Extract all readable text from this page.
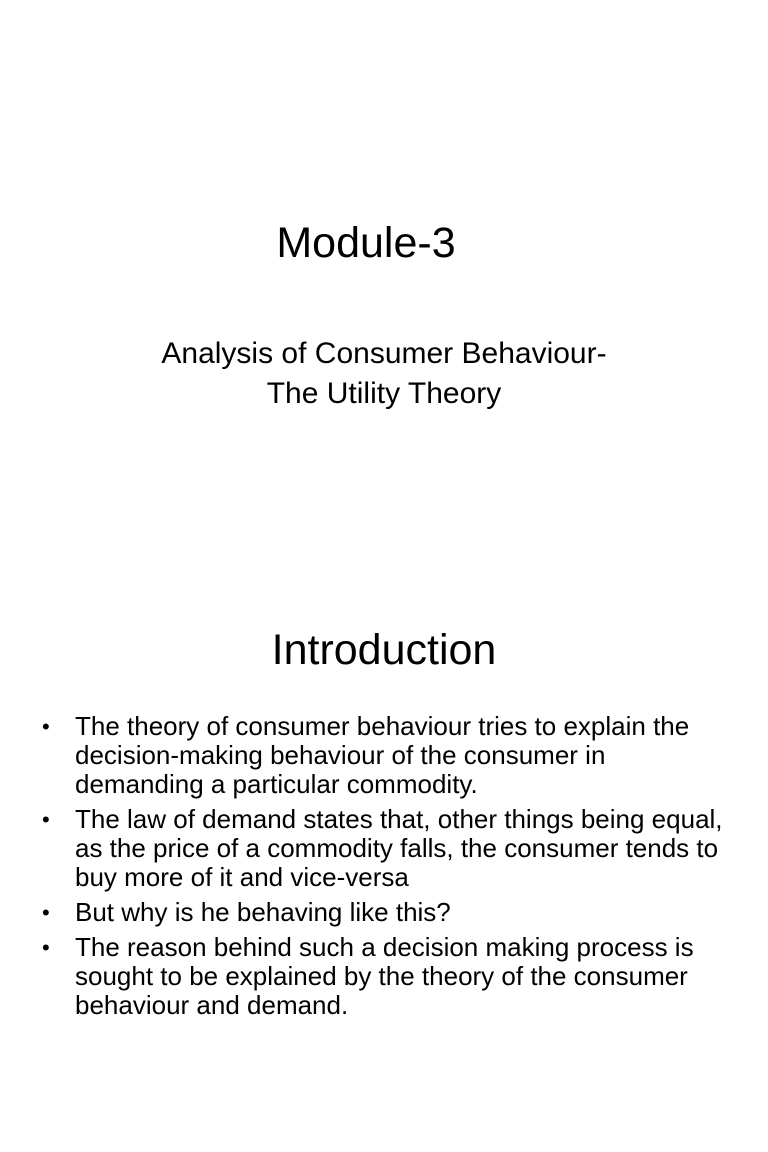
Module-3
Analysis of Consumer Behaviour-
The Utility Theory
Introduction
• The theory of consumer behaviour tries to explain the decision-making behaviour of the consumer in demanding a particular commodity.
• The law of demand states that, other things being equal, as the price of a commodity falls, the consumer tends to buy more of it and vice-versa
• But why is he behaving like this?
• The reason behind such a decision making process is sought to be explained by the theory of the consumer behaviour and demand.
